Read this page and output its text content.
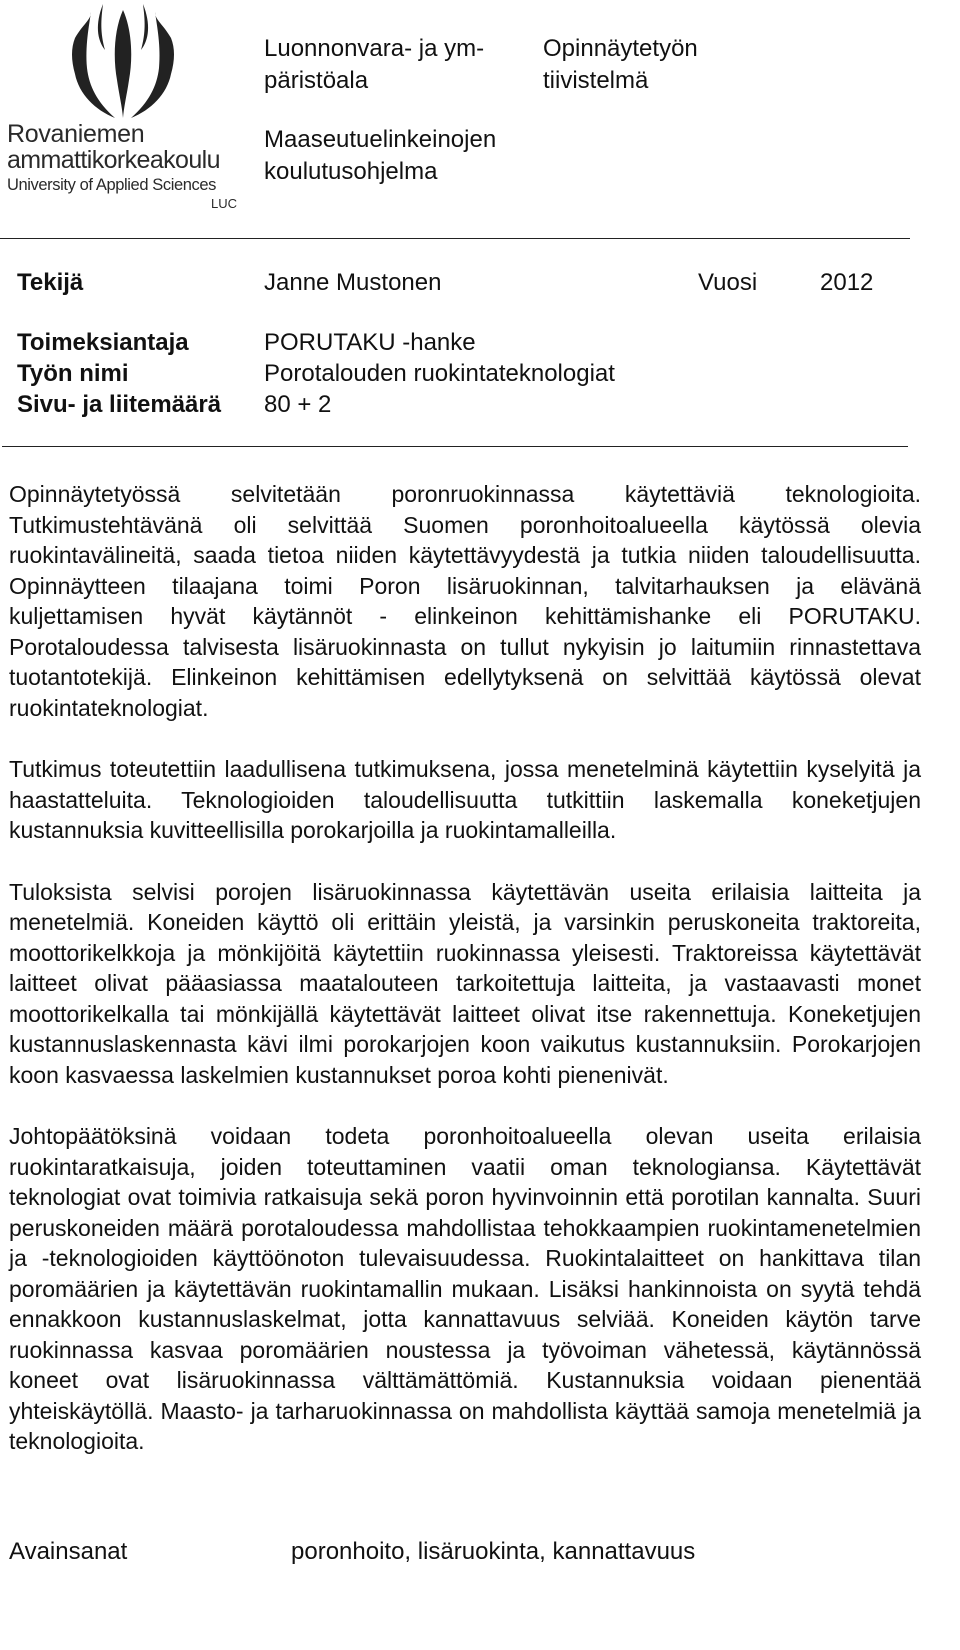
Rovaniemen
ammattikorkeakoulu
University of Applied Sciences
LUC
Luonnonvara- ja ym-
päristöala
Opinnäytetyön
tiivistelmä
Maaseutuelinkeinojen
koulutusohjelma
Tekijä	Janne Mustonen	Vuosi	2012
Toimeksiantaja	PORUTAKU -hanke
Työn nimi	Porotalouden ruokintateknologiat
Sivu- ja liitemäärä 80 + 2

Opinnäytetyössä selvitetään poronruokinnassa käytettäviä teknologioita. Tutkimustehtävänä oli selvittää Suomen poronhoitoalueella käytössä olevia ruokintavälineitä, saada tietoa niiden käytettävyydestä ja tutkia niiden taloudellisuutta. Opinnäytteen tilaajana toimi Poron lisäruokinnan, talvitarhauksen ja elävänä kuljettamisen hyvät käytännöt - elinkeinon kehittämishanke eli PORUTAKU. Porotaloudessa talvisesta lisäruokinnasta on tullut nykyisin jo laitumiin rinnastettava tuotantotekijä. Elinkeinon kehittämisen edellytyksenä on selvittää käytössä olevat ruokintateknologiat.

Tutkimus toteutettiin laadullisena tutkimuksena, jossa menetelminä käytettiin kyselyitä ja haastatteluita. Teknologioiden taloudellisuutta tutkittiin laskemalla koneketjujen kustannuksia kuvitteellisilla porokarjoilla ja ruokintamalleilla.

Tuloksista selvisi porojen lisäruokinnassa käytettävän useita erilaisia laitteita ja menetelmiä. Koneiden käyttö oli erittäin yleistä, ja varsinkin peruskoneita traktoreita, moottorikelkkoja ja mönkijöitä käytettiin ruokinnassa yleisesti. Traktoreissa käytettävät laitteet olivat pääasiassa maatalouteen tarkoitettuja laitteita, ja vastaavasti monet moottorikelkalla tai mönkijällä käytettävät laitteet olivat itse rakennettuja. Koneketjujen kustannuslaskennasta kävi ilmi porokarjojen koon vaikutus kustannuksiin. Porokarjojen koon kasvaessa laskelmien kustannukset poroa kohti pienenivät.

Johtopäätöksinä voidaan todeta poronhoitoalueella olevan useita erilaisia ruokintaratkaisuja, joiden toteuttaminen vaatii oman teknologiansa. Käytettävät teknologiat ovat toimivia ratkaisuja sekä poron hyvinvoinnin että porotilan kannalta. Suuri peruskoneiden määrä porotaloudessa mahdollistaa tehokkaampien ruokintamenetelmien ja -teknologioiden käyttöönoton tulevaisuudessa. Ruokintalaitteet on hankittava tilan poromäärien ja käytettävän ruokintamallin mukaan. Lisäksi hankinnoista on syytä tehdä ennakkoon kustannuslaskelmat, jotta kannattavuus selviää. Koneiden käytön tarve ruokinnassa kasvaa poromäärien noustessa ja työvoiman vähetessä, käytännössä koneet ovat lisäruokinnassa välttämättömiä. Kustannuksia voidaan pienentää yhteiskäytöllä. Maasto- ja tarharuokinnassa on mahdollista käyttää samoja menetelmiä ja teknologioita.

Avainsanat	poronhoito, lisäruokinta, kannattavuus
